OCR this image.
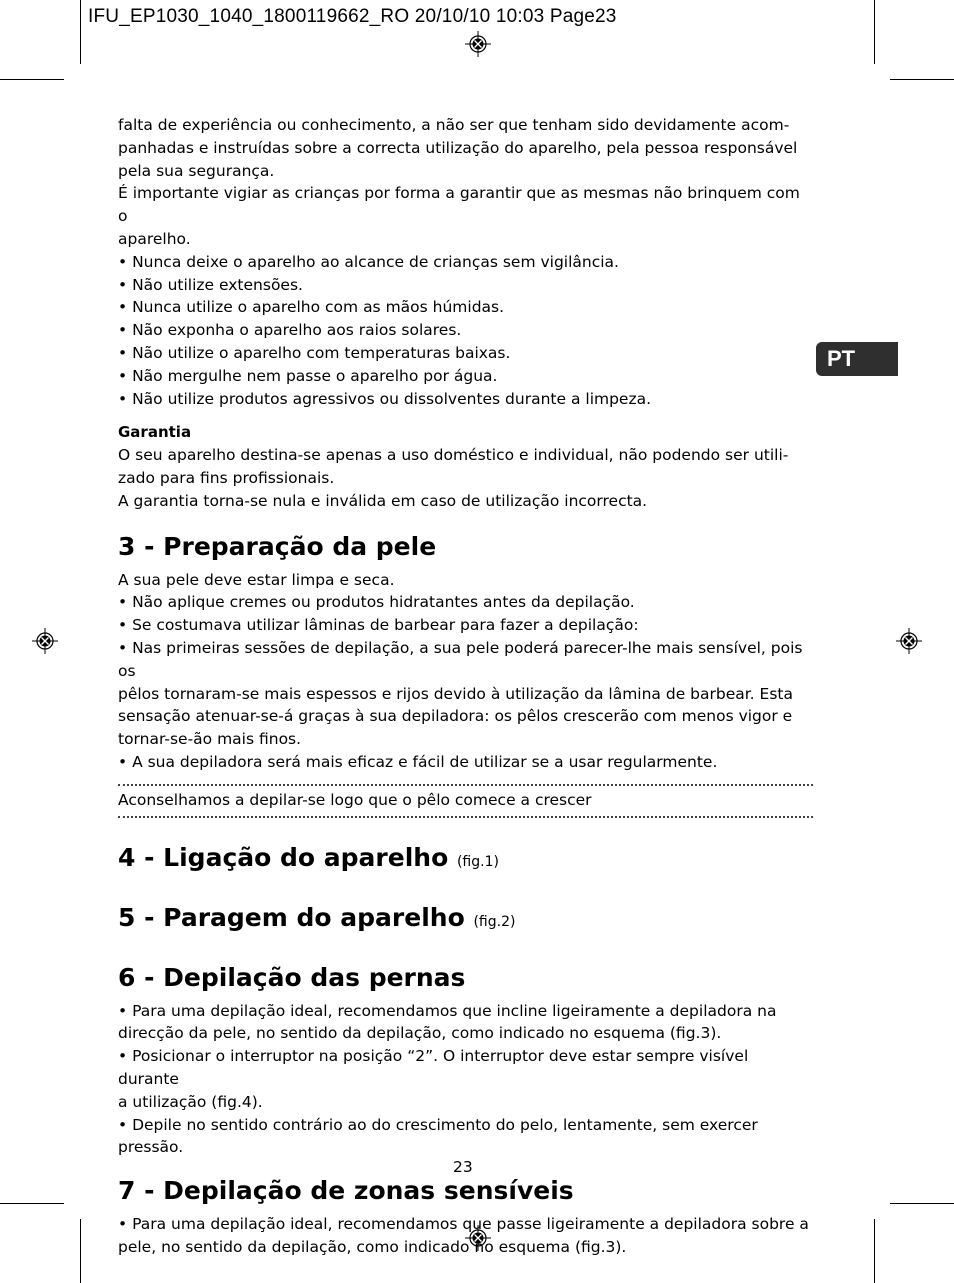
IFU_EP1030_1040_1800119662_RO 20/10/10 10:03 Page23
PT

falta de experiência ou conhecimento, a não ser que tenham sido devidamente acom-

panhadas e instruídas sobre a correcta utilização do aparelho, pela pessoa responsável

pela sua segurança.

É importante vigiar as crianças por forma a garantir que as mesmas não brinquem com o

aparelho.

• Nunca deixe o aparelho ao alcance de crianças sem vigilância.

• Não utilize extensões.

• Nunca utilize o aparelho com as mãos húmidas.

• Não exponha o aparelho aos raios solares.

• Não utilize o aparelho com temperaturas baixas.

• Não mergulhe nem passe o aparelho por água.

• Não utilize produtos agressivos ou dissolventes durante a limpeza.

Garantia

O seu aparelho destina-se apenas a uso doméstico e individual, não podendo ser utili-

zado para fins profissionais.

A garantia torna-se nula e inválida em caso de utilização incorrecta.

3 - Preparação da pele

A sua pele deve estar limpa e seca.

• Não aplique cremes ou produtos hidratantes antes da depilação.

• Se costumava utilizar lâminas de barbear para fazer a depilação:

• Nas primeiras sessões de depilação, a sua pele poderá parecer-lhe mais sensível, pois os

pêlos tornaram-se mais espessos e rijos devido à utilização da lâmina de barbear. Esta

sensação atenuar-se-á graças à sua depiladora: os pêlos crescerão com menos vigor e

tornar-se-ão mais finos.

• A sua depiladora será mais eficaz e fácil de utilizar se a usar regularmente.

Aconselhamos a depilar-se logo que o pêlo comece a crescer

4 - Ligação do aparelho (fig.1)
5 - Paragem do aparelho (fig.2)
6 - Depilação das pernas

• Para uma depilação ideal, recomendamos que incline ligeiramente a depiladora na

direcção da pele, no sentido da depilação, como indicado no esquema (fig.3).

• Posicionar o interruptor na posição “2”. O interruptor deve estar sempre visível durante

a utilização (fig.4).

• Depile no sentido contrário ao do crescimento do pelo, lentamente, sem exercer pressão.

7 - Depilação de zonas sensíveis

• Para uma depilação ideal, recomendamos que passe ligeiramente a depiladora sobre a

pele, no sentido da depilação, como indicado no esquema (fig.3).

23
